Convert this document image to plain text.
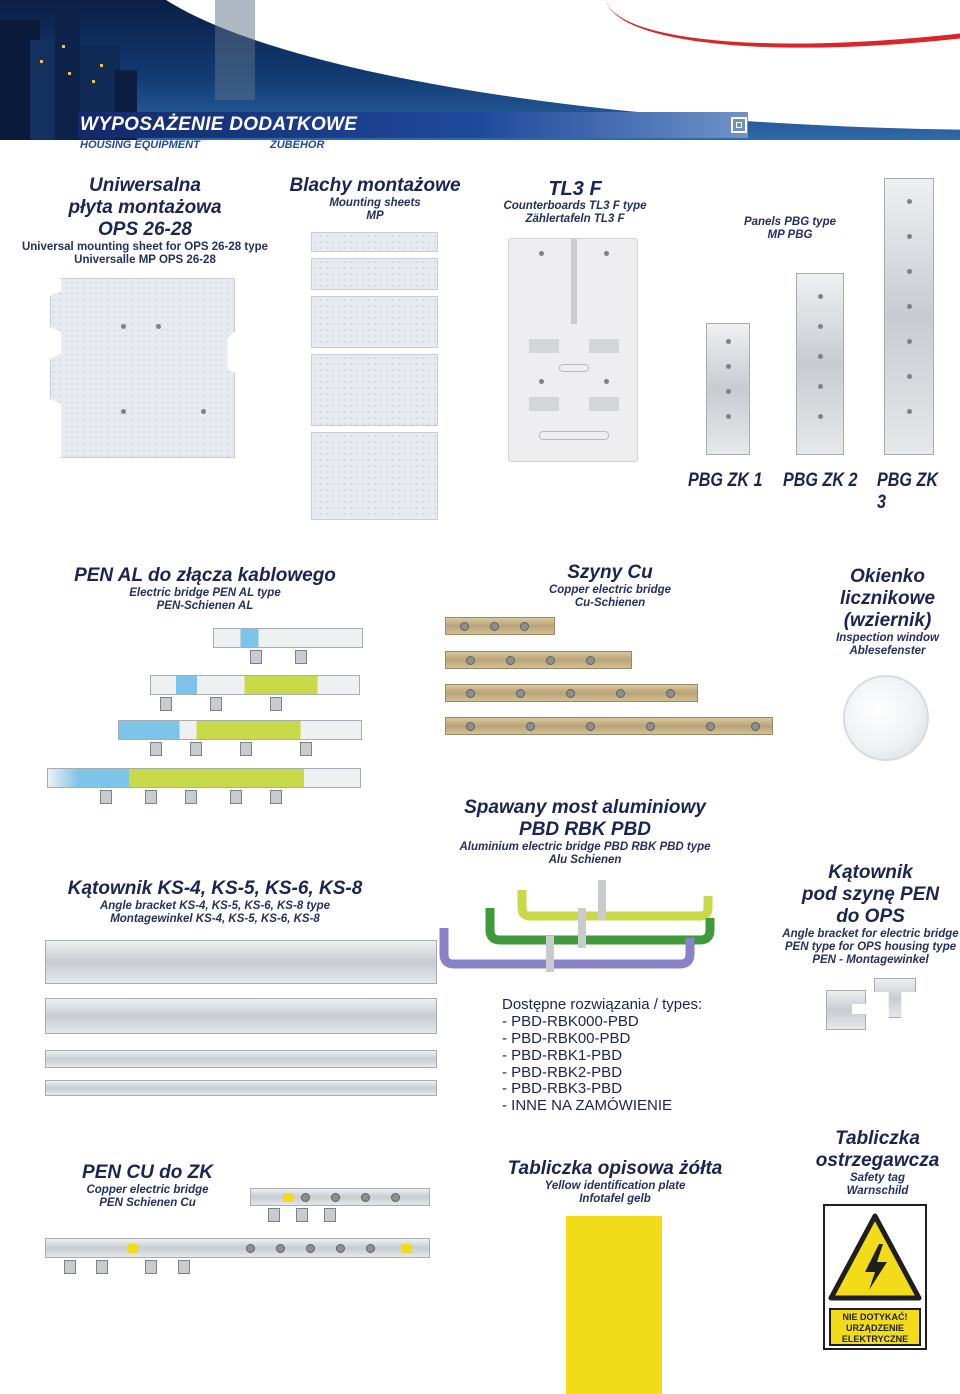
WYPOSAŻENIE DODATKOWE
HOUSING EQUIPMENT	ZUBEHÖR
Uniwersalna
płyta montażowa
OPS 26-28
Universal mounting sheet for OPS 26-28 type
Universalle MP OPS 26-28
Blachy montażowe
Mounting sheets
MP
TL3 F
Counterboards TL3 F type
Zählertafeln TL3 F	Panels PBG type
MP PBG
PBG ZK 1 PBG ZK 2 PBG ZK 3
PEN AL do złącza kablowego
Electric bridge PEN AL type
PEN-Schienen AL
Szyny Cu
Copper electric bridge
Cu-Schienen
Okienko
licznikowe
(wziernik)
Inspection window
Ablesefenster
Spawany most aluminiowy
PBD RBK PBD
Aluminium electric bridge PBD RBK PBD type
Alu Schienen
Kątownik KS-4, KS-5, KS-6, KS-8
Angle bracket KS-4, KS-5, KS-6, KS-8 type
Montagewinkel KS-4, KS-5, KS-6, KS-8
Kątownik
pod szynę PEN
do OPS
Angle bracket for electric bridge
PEN type for OPS housing type
PEN - Montagewinkel
Dostępne rozwiązania / types:
- PBD-RBK000-PBD
- PBD-RBK00-PBD
- PBD-RBK1-PBD
- PBD-RBK2-PBD
- PBD-RBK3-PBD
- INNE NA ZAMÓWIENIE
PEN CU do ZK
Copper electric bridge
PEN Schienen Cu
Tabliczka opisowa żółta
Yellow identification plate
Infotafel gelb
Tabliczka
ostrzegawcza
Safety tag
Warnschild
NIE DOTYKAĆ!
URZĄDZENIE
ELEKTRYCZNE
